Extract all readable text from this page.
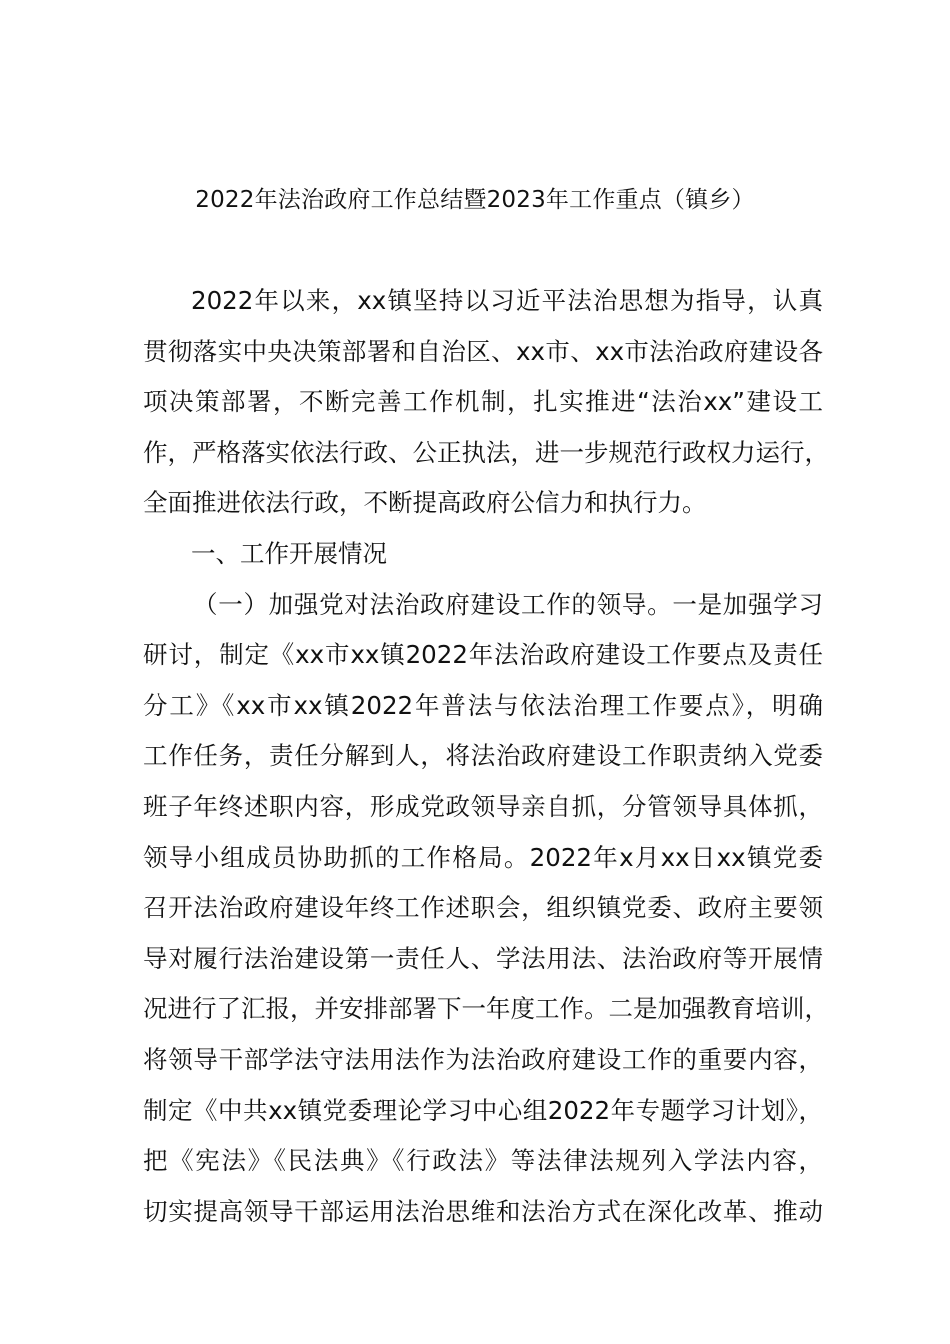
2022年法治政府工作总结暨2023年工作重点（镇乡）
2022年以来，xx镇坚持以习近平法治思想为指导，认真
贯彻落实中央决策部署和自治区、xx市、xx市法治政府建设各
项决策部署，不断完善工作机制，扎实推进“法治xx”建设工
作，严格落实依法行政、公正执法，进一步规范行政权力运行，
全面推进依法行政，不断提高政府公信力和执行力。
一、工作开展情况
（一）加强党对法治政府建设工作的领导。一是加强学习
研讨，制定《xx市xx镇2022年法治政府建设工作要点及责任
分工》《xx市xx镇2022年普法与依法治理工作要点》，明确
工作任务，责任分解到人，将法治政府建设工作职责纳入党委
班子年终述职内容，形成党政领导亲自抓，分管领导具体抓，
领导小组成员协助抓的工作格局。2022年x月xx日xx镇党委
召开法治政府建设年终工作述职会，组织镇党委、政府主要领
导对履行法治建设第一责任人、学法用法、法治政府等开展情
况进行了汇报，并安排部署下一年度工作。二是加强教育培训，
将领导干部学法守法用法作为法治政府建设工作的重要内容，
制定《中共xx镇党委理论学习中心组2022年专题学习计划》，
把《宪法》《民法典》《行政法》等法律法规列入学法内容，
切实提高领导干部运用法治思维和法治方式在深化改革、推动
